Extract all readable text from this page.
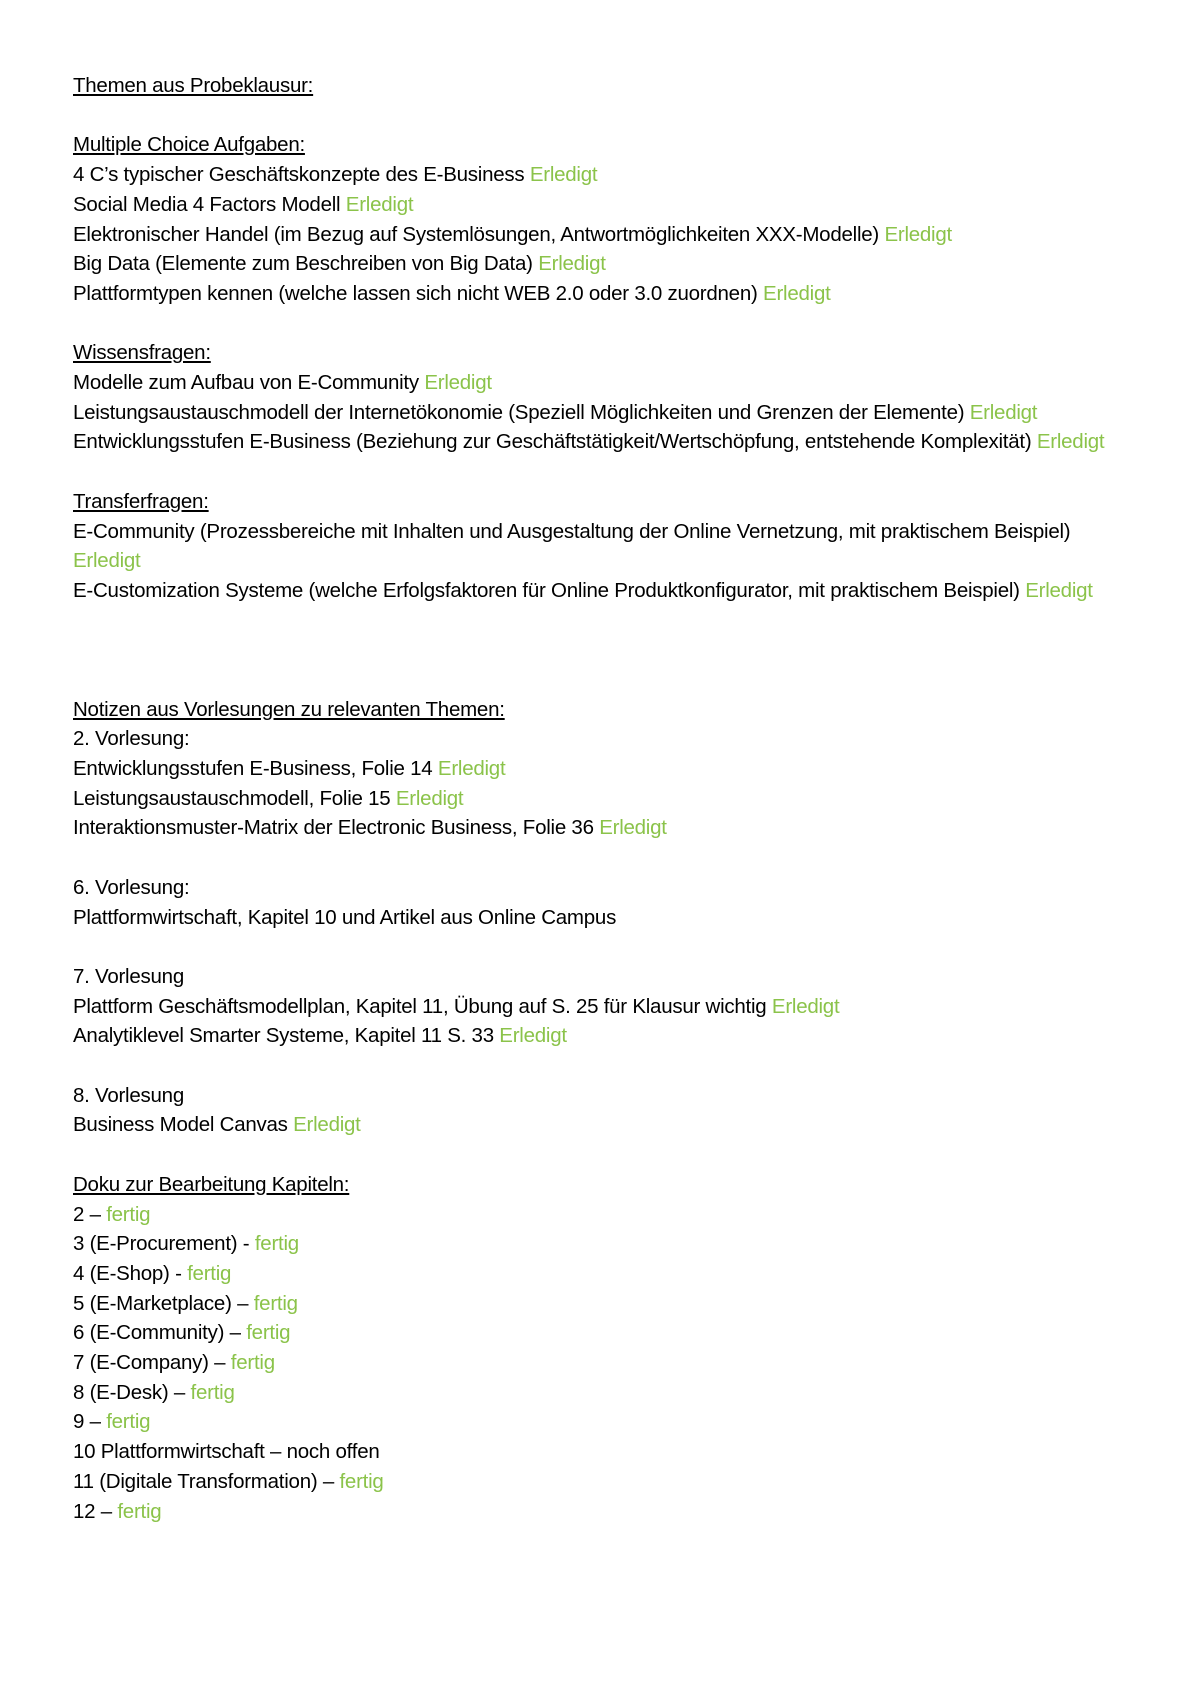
Themen aus Probeklausur:
Multiple Choice Aufgaben:
4 C’s typischer Geschäftskonzepte des E-Business Erledigt
Social Media 4 Factors Modell Erledigt
Elektronischer Handel (im Bezug auf Systemlösungen, Antwortmöglichkeiten XXX-Modelle) Erledigt
Big Data (Elemente zum Beschreiben von Big Data) Erledigt
Plattformtypen kennen (welche lassen sich nicht WEB 2.0 oder 3.0 zuordnen) Erledigt
Wissensfragen:
Modelle zum Aufbau von E-Community Erledigt
Leistungsaustauschmodell der Internetökonomie (Speziell Möglichkeiten und Grenzen der Elemente) Erledigt
Entwicklungsstufen E-Business (Beziehung zur Geschäftstätigkeit/Wertschöpfung, entstehende Komplexität) Erledigt
Transferfragen:
E-Community (Prozessbereiche mit Inhalten und Ausgestaltung der Online Vernetzung, mit praktischem Beispiel) Erledigt
E-Customization Systeme (welche Erfolgsfaktoren für Online Produktkonfigurator, mit praktischem Beispiel) Erledigt
Notizen aus Vorlesungen zu relevanten Themen:
2. Vorlesung:
Entwicklungsstufen E-Business, Folie 14 Erledigt
Leistungsaustauschmodell, Folie 15 Erledigt
Interaktionsmuster-Matrix der Electronic Business, Folie 36 Erledigt
6. Vorlesung:
Plattformwirtschaft, Kapitel 10 und Artikel aus Online Campus
7. Vorlesung
Plattform Geschäftsmodellplan, Kapitel 11, Übung auf S. 25 für Klausur wichtig Erledigt
Analytiklevel Smarter Systeme, Kapitel 11 S. 33 Erledigt
8. Vorlesung
Business Model Canvas Erledigt
Doku zur Bearbeitung Kapiteln:
2 – fertig
3 (E-Procurement) - fertig
4 (E-Shop) - fertig
5 (E-Marketplace) – fertig
6 (E-Community) – fertig
7 (E-Company) – fertig
8 (E-Desk) – fertig
9 – fertig
10 Plattformwirtschaft – noch offen
11 (Digitale Transformation) – fertig
12 – fertig
